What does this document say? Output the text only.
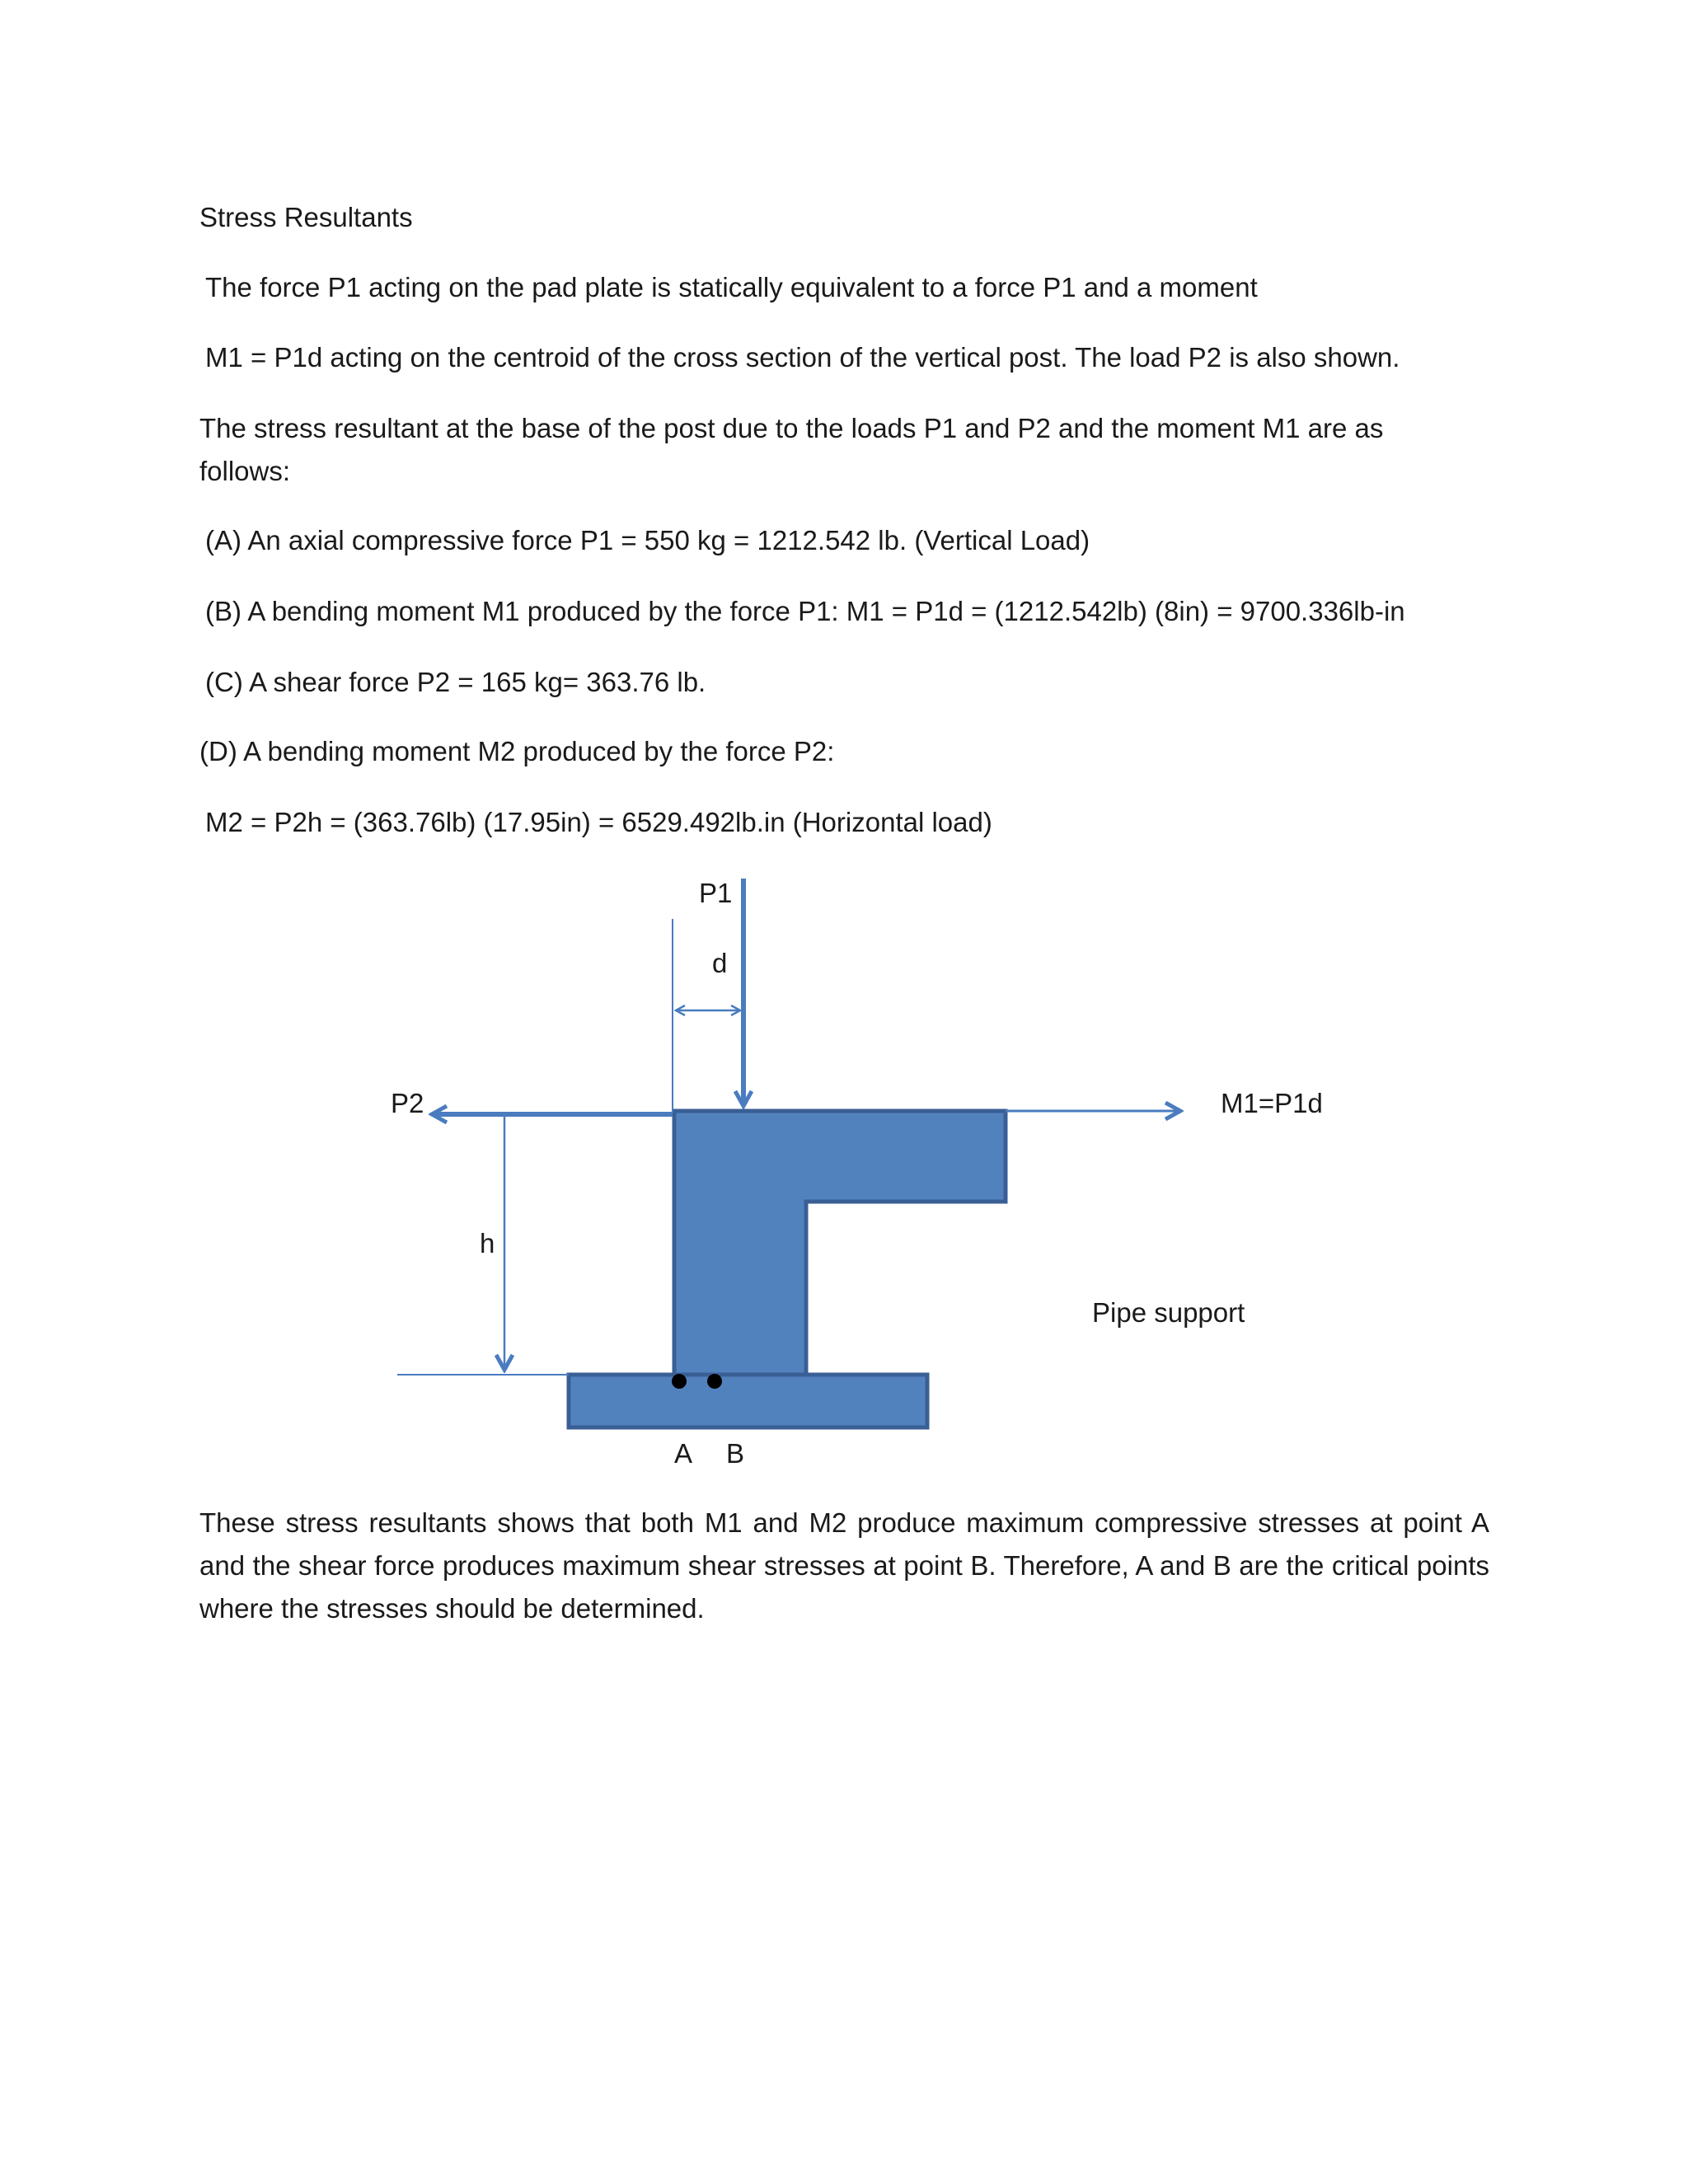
Stress Resultants
The force P1 acting on the pad plate is statically equivalent to a force P1 and a moment
M1 = P1d acting on the centroid of the cross section of the vertical post. The load P2 is also shown.
The stress resultant at the base of the post due to the loads P1 and P2 and the moment M1 are as follows:
(A) An axial compressive force P1 = 550 kg = 1212.542 lb. (Vertical Load)
(B) A bending moment M1 produced by the force P1: M1 = P1d = (1212.542lb) (8in) = 9700.336lb-in
(C) A shear force P2 = 165 kg= 363.76 lb.
(D) A bending moment M2 produced by the force P2:
M2 = P2h = (363.76lb) (17.95in) = 6529.492lb.in (Horizontal load)
P1
d
P2	M1=P1d
h
Pipe support
A B
These stress resultants shows that both M1 and M2 produce maximum compressive stresses at point A and the shear force produces maximum shear stresses at point B. Therefore, A and B are the critical points where the stresses should be determined.
